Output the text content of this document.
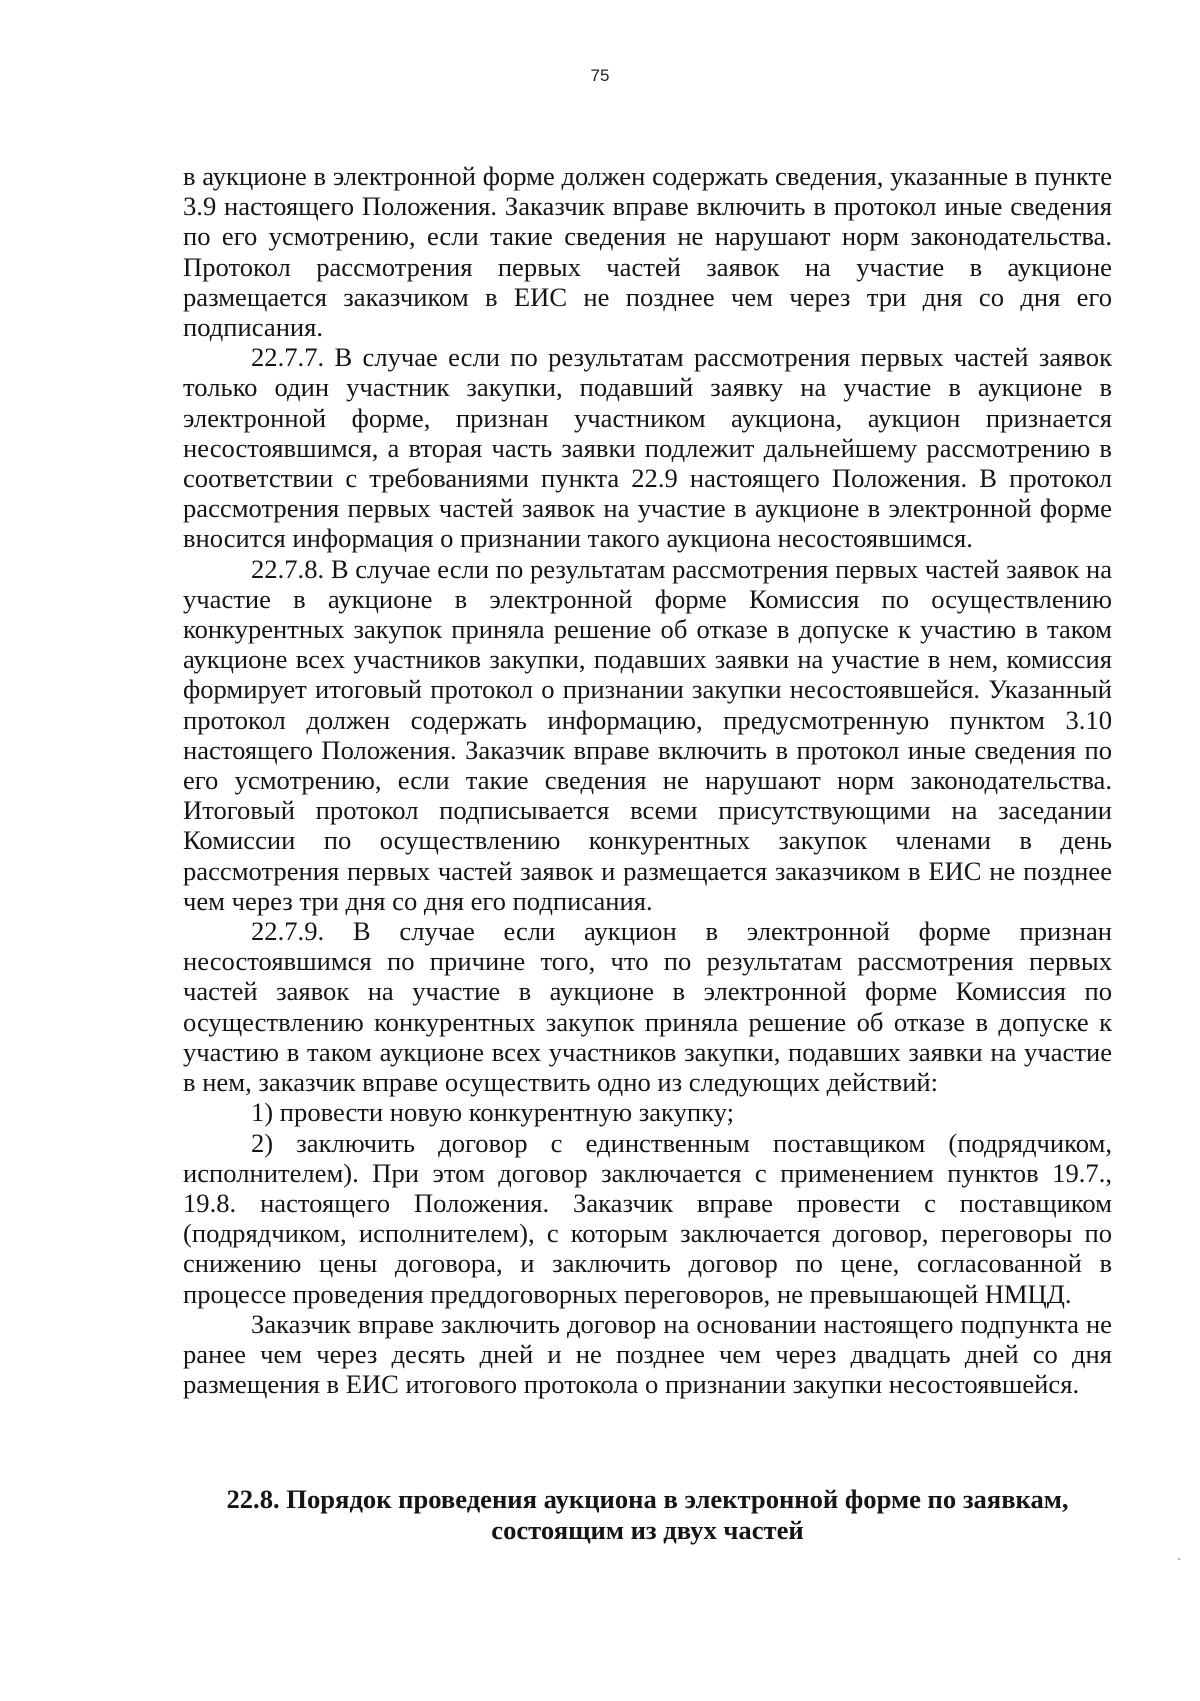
75

в аукционе в электронной форме должен содержать сведения, указанные в пункте 3.9 настоящего Положения. Заказчик вправе включить в протокол иные сведения по его усмотрению, если такие сведения не нарушают норм законодательства. Протокол рассмотрения первых частей заявок на участие в аукционе размещается заказчиком в ЕИС не позднее чем через три дня со дня его подписания.

22.7.7. В случае если по результатам рассмотрения первых частей заявок только один участник закупки, подавший заявку на участие в аукционе в электронной форме, признан участником аукциона, аукцион признается несостоявшимся, а вторая часть заявки подлежит дальнейшему рассмотрению в соответствии с требованиями пункта 22.9 настоящего Положения. В протокол рассмотрения первых частей заявок на участие в аукционе в электронной форме вносится информация о признании такого аукциона несостоявшимся.

22.7.8. В случае если по результатам рассмотрения первых частей заявок на участие в аукционе в электронной форме Комиссия по осуществлению конкурентных закупок приняла решение об отказе в допуске к участию в таком аукционе всех участников закупки, подавших заявки на участие в нем, комиссия формирует итоговый протокол о признании закупки несостоявшейся. Указанный протокол должен содержать информацию, предусмотренную пунктом 3.10 настоящего Положения. Заказчик вправе включить в протокол иные сведения по его усмотрению, если такие сведения не нарушают норм законодательства. Итоговый протокол подписывается всеми присутствующими на заседании Комиссии по осуществлению конкурентных закупок членами в день рассмотрения первых частей заявок и размещается заказчиком в ЕИС не позднее чем через три дня со дня его подписания.

22.7.9. В случае если аукцион в электронной форме признан несостоявшимся по причине того, что по результатам рассмотрения первых частей заявок на участие в аукционе в электронной форме Комиссия по осуществлению конкурентных закупок приняла решение об отказе в допуске к участию в таком аукционе всех участников закупки, подавших заявки на участие в нем, заказчик вправе осуществить одно из следующих действий:

1) провести новую конкурентную закупку;

2) заключить договор с единственным поставщиком (подрядчиком, исполнителем). При этом договор заключается с применением пунктов 19.7., 19.8. настоящего Положения. Заказчик вправе провести с поставщиком (подрядчиком, исполнителем), с которым заключается договор, переговоры по снижению цены договора, и заключить договор по цене, согласованной в процессе проведения преддоговорных переговоров, не превышающей НМЦД.

Заказчик вправе заключить договор на основании настоящего подпункта не ранее чем через десять дней и не позднее чем через двадцать дней со дня размещения в ЕИС итогового протокола о признании закупки несостоявшейся.

22.8. Порядок проведения аукциона в электронной форме по заявкам,
состоящим из двух частей
